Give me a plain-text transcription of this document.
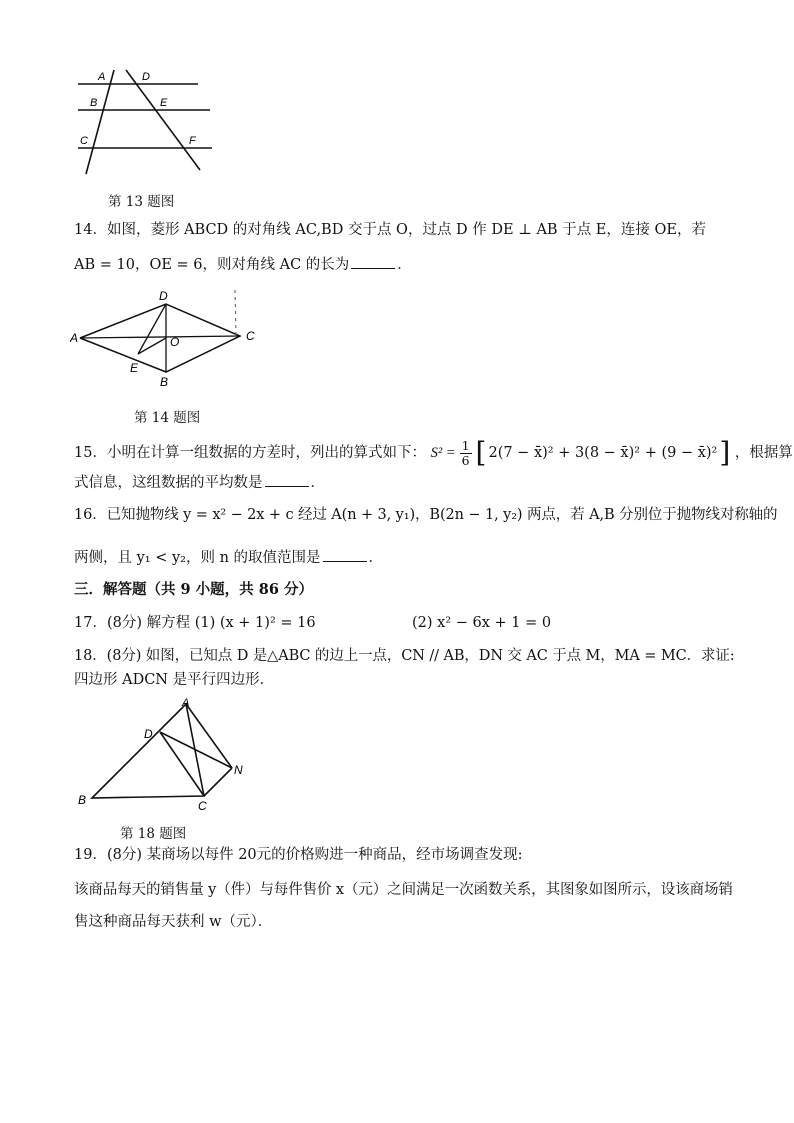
A	D
B	E
C	F
第 13 题图
14．如图，菱形 ABCD 的对角线 AC,BD 交于点 O，过点 D 作 DE ⊥ AB 于点 E，连接 OE，若
AB = 10，OE = 6，则对角线 AC 的长为	．
A
D
C
O
E
B
第 14 题图
15．小明在计算一组数据的方差时，列出的算式如下： $S^2 = \frac{1}{6}$ [ 2(7 − x̄)² + 3(8 − x̄)² + (9 − x̄)² ] ，根据算
式信息，这组数据的平均数是	．
16．已知抛物线 y = x² − 2x + c 经过 A(n + 3, y₁)，B(2n − 1, y₂) 两点，若 A,B 分别位于抛物线对称轴的
两侧，且 y₁ < y₂，则 n 的取值范围是	．
三．解答题（共 9 小题，共 86 分）
17．(8分) 解方程 (1) (x + 1)² = 16	(2) x² − 6x + 1 = 0
18．(8分) 如图，已知点 D 是△ABC 的边上一点，CN // AB，DN 交 AC 于点 M，MA = MC．求证:
四边形 ADCN 是平行四边形．
A
D
N
B	C
第 18 题图
19．(8分) 某商场以每件 20元的价格购进一种商品，经市场调查发现:
该商品每天的销售量 y（件）与每件售价 x（元）之间满足一次函数关系，其图象如图所示，设该商场销
售这种商品每天获利 w（元）．
